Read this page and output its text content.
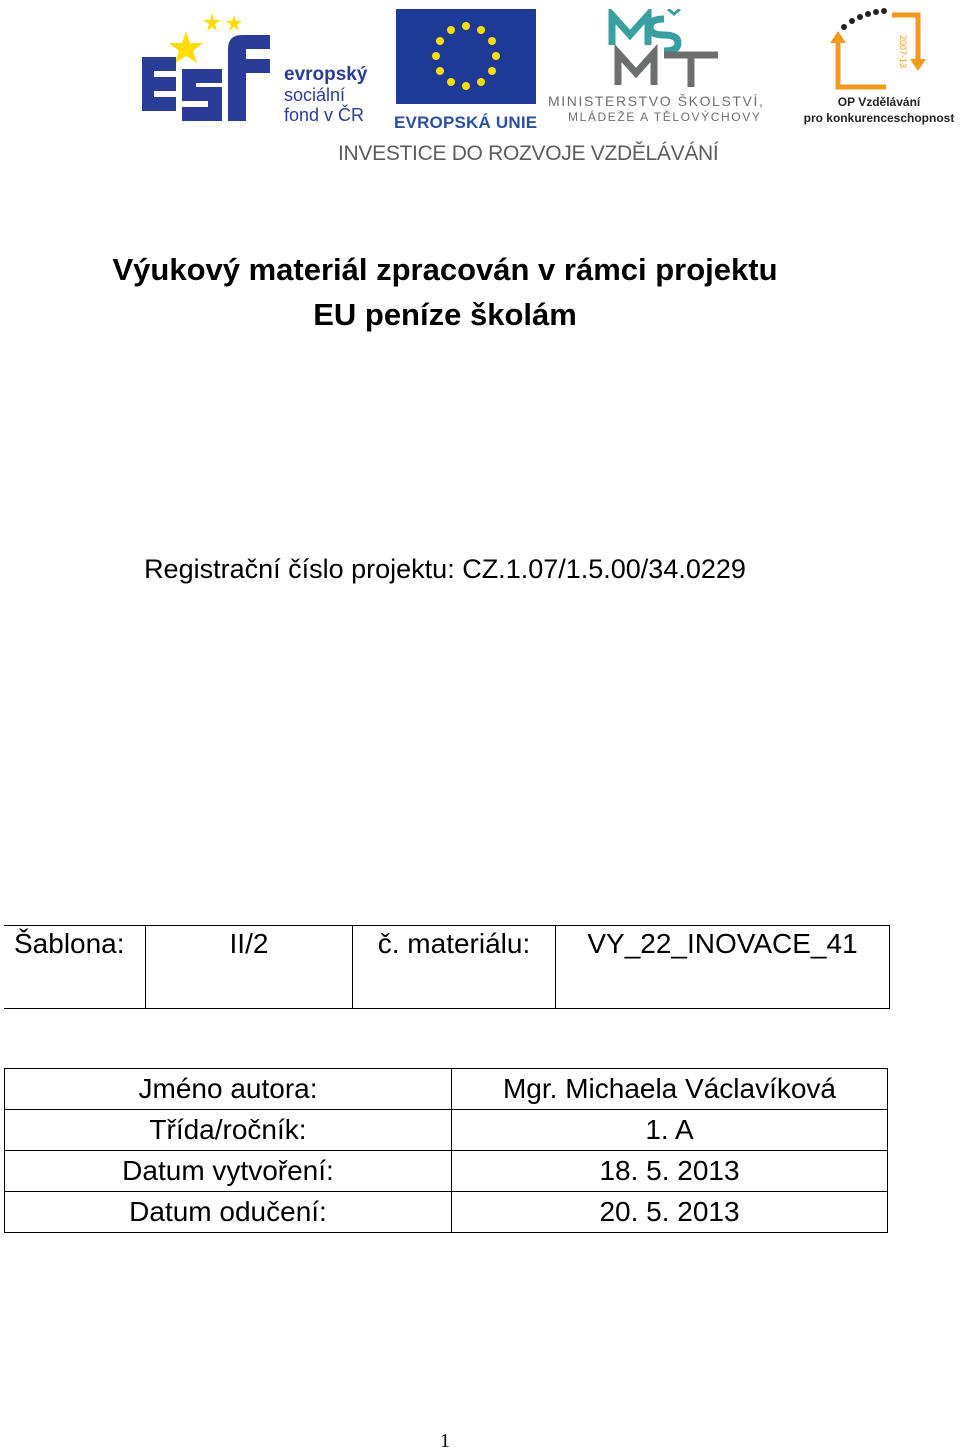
evropský
sociální
fond v ČR	EVROPSKÁ UNIE
MINISTERSTVO ŠKOLSTVÍ,
MLÁDEŽE A TĚLOVÝCHOVY
2007-13
OP Vzdělávání
pro konkurenceschopnost
INVESTICE DO ROZVOJE VZDĚLÁVÁNÍ
Výukový materiál zpracován v rámci projektu
EU peníze školám
Registrační číslo projektu: CZ.1.07/1.5.00/34.0229
Šablona:	II/2	č. materiálu:	VY_22_INOVACE_41
Jméno autora:	Mgr. Michaela Václavíková
Třída/ročník:	1. A
Datum vytvoření:	18. 5. 2013
Datum odučení:	20. 5. 2013
1
